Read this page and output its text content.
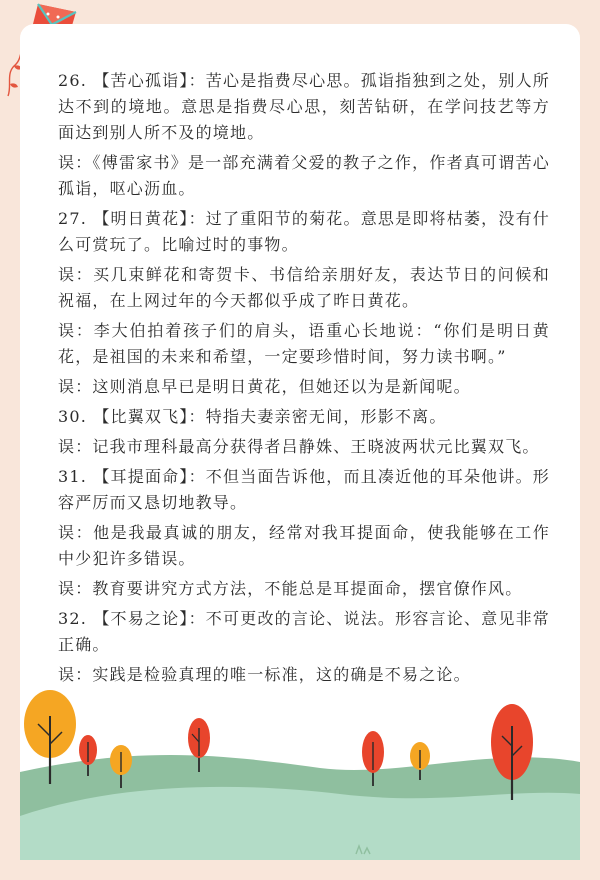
26. 【苦心孤诣】：苦心是指费尽心思。孤诣指独到之处，别人所达不到的境地。意思是指费尽心思，刻苦钻研，在学问技艺等方面达到别人所不及的境地。

误：《傅雷家书》是一部充满着父爱的教子之作，作者真可谓苦心孤诣，呕心沥血。

27. 【明日黄花】：过了重阳节的菊花。意思是即将枯萎，没有什么可赏玩了。比喻过时的事物。

误：买几束鲜花和寄贺卡、书信给亲朋好友，表达节日的问候和祝福，在上网过年的今天都似乎成了昨日黄花。

误：李大伯拍着孩子们的肩头，语重心长地说：“你们是明日黄花，是祖国的未来和希望，一定要珍惜时间，努力读书啊。”

误：这则消息早已是明日黄花，但她还以为是新闻呢。

30. 【比翼双飞】：特指夫妻亲密无间，形影不离。

误：记我市理科最高分获得者吕静姝、王晓波两状元比翼双飞。

31. 【耳提面命】：不但当面告诉他，而且凑近他的耳朵他讲。形容严厉而又恳切地教导。

误：他是我最真诚的朋友，经常对我耳提面命，使我能够在工作中少犯许多错误。

误：教育要讲究方式方法，不能总是耳提面命，摆官僚作风。

32. 【不易之论】：不可更改的言论、说法。形容言论、意见非常正确。

误：实践是检验真理的唯一标准，这的确是不易之论。
